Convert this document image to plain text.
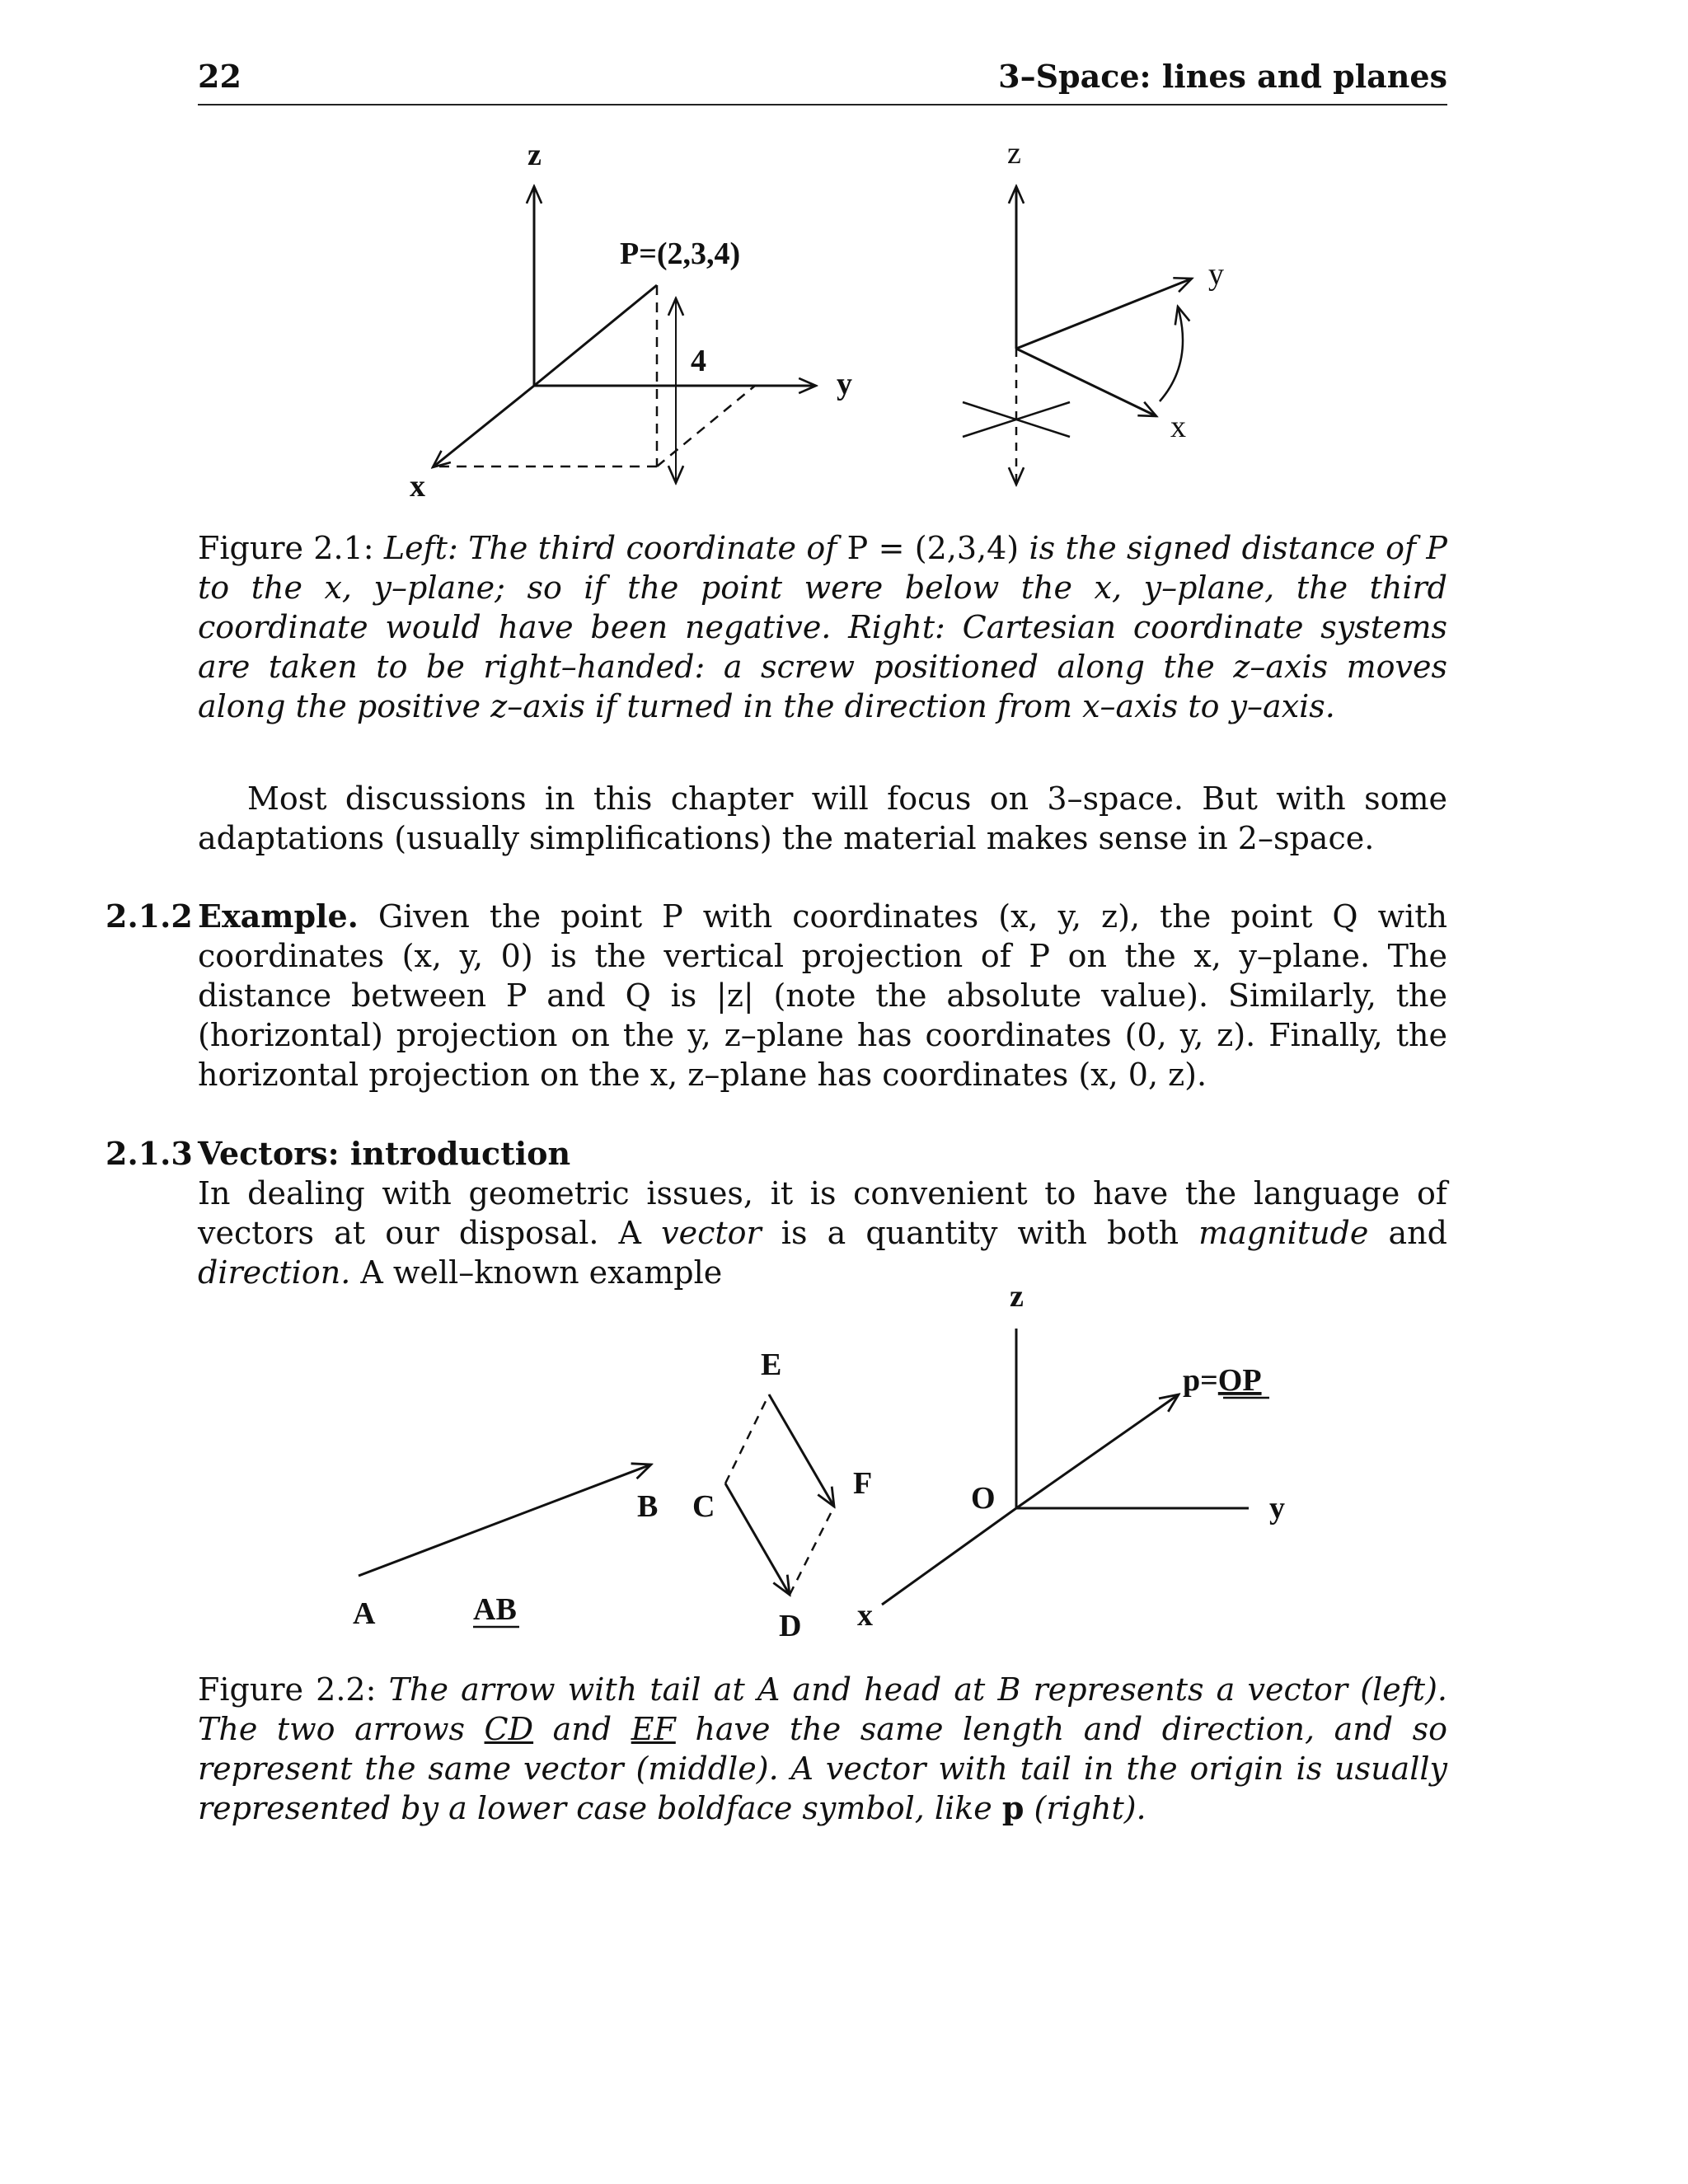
22	3–Space: lines and planes
z
y
x
P=(2,3,4)
4
z
y
x
Figure 2.1: Left: The third coordinate of P = (2,3,4) is the signed distance of P to the x, y–plane; so if the point were below the x, y–plane, the third coordinate would have been negative. Right: Cartesian coordinate systems are taken to be right–handed: a screw positioned along the z–axis moves along the positive z–axis if turned in the direction from x–axis to y–axis.
Most discussions in this chapter will focus on 3–space. But with some adaptations (usually simplifications) the material makes sense in 2–space.
2.1.2 Example. Given the point P with coordinates (x, y, z), the point Q with coordinates (x, y, 0) is the vertical projection of P on the x, y–plane. The distance between P and Q is |z| (note the absolute value). Similarly, the (horizontal) projection on the y, z–plane has coordinates (0, y, z). Finally, the horizontal projection on the x, z–plane has coordinates (x, 0, z).
2.1.3 Vectors: introduction
In dealing with geometric issues, it is convenient to have the language of vectors at our disposal. A vector is a quantity with both magnitude and direction. A well–known example
A	AB
B C
D
E
F
z
O
x
y
p=OP
Figure 2.2: The arrow with tail at A and head at B represents a vector (left). The two arrows CD and EF have the same length and direction, and so represent the same vector (middle). A vector with tail in the origin is usually represented by a lower case boldface symbol, like p (right).
